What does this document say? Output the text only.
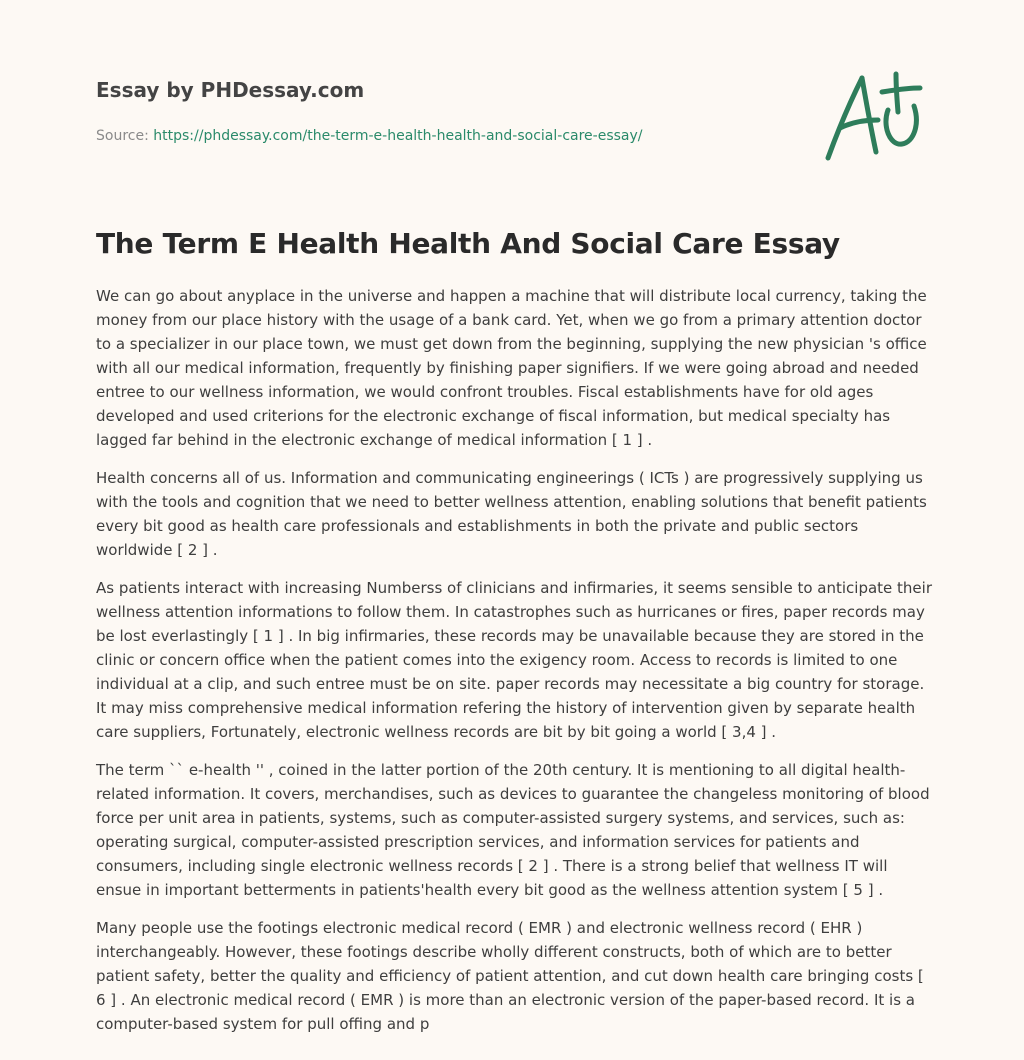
Essay by PHDessay.com
Source: https://phdessay.com/the-term-e-health-health-and-social-care-essay/
The Term E Health Health And Social Care Essay

We can go about anyplace in the universe and happen a machine that will distribute local currency, taking the money from our place history with the usage of a bank card. Yet, when we go from a primary attention doctor to a specializer in our place town, we must get down from the beginning, supplying the new physician 's office with all our medical information, frequently by finishing paper signifiers. If we were going abroad and needed entree to our wellness information, we would confront troubles. Fiscal establishments have for old ages developed and used criterions for the electronic exchange of fiscal information, but medical specialty has lagged far behind in the electronic exchange of medical information [ 1 ] .

Health concerns all of us. Information and communicating engineerings ( ICTs ) are progressively supplying us with the tools and cognition that we need to better wellness attention, enabling solutions that benefit patients every bit good as health care professionals and establishments in both the private and public sectors worldwide [ 2 ] .

As patients interact with increasing Numberss of clinicians and infirmaries, it seems sensible to anticipate their wellness attention informations to follow them. In catastrophes such as hurricanes or fires, paper records may be lost everlastingly [ 1 ] . In big infirmaries, these records may be unavailable because they are stored in the clinic or concern office when the patient comes into the exigency room. Access to records is limited to one individual at a clip, and such entree must be on site. paper records may necessitate a big country for storage. It may miss comprehensive medical information refering the history of intervention given by separate health care suppliers, Fortunately, electronic wellness records are bit by bit going a world [ 3,4 ] .

The term `` e-health '' , coined in the latter portion of the 20th century. It is mentioning to all digital health-related information. It covers, merchandises, such as devices to guarantee the changeless monitoring of blood force per unit area in patients, systems, such as computer-assisted surgery systems, and services, such as: operating surgical, computer-assisted prescription services, and information services for patients and consumers, including single electronic wellness records [ 2 ] . There is a strong belief that wellness IT will ensue in important betterments in patients'health every bit good as the wellness attention system [ 5 ] .

Many people use the footings electronic medical record ( EMR ) and electronic wellness record ( EHR ) interchangeably. However, these footings describe wholly different constructs, both of which are to better patient safety, better the quality and efficiency of patient attention, and cut down health care bringing costs [ 6 ] . An electronic medical record ( EMR ) is more than an electronic version of the paper-based record. It is a computer-based system for pull offing and p
